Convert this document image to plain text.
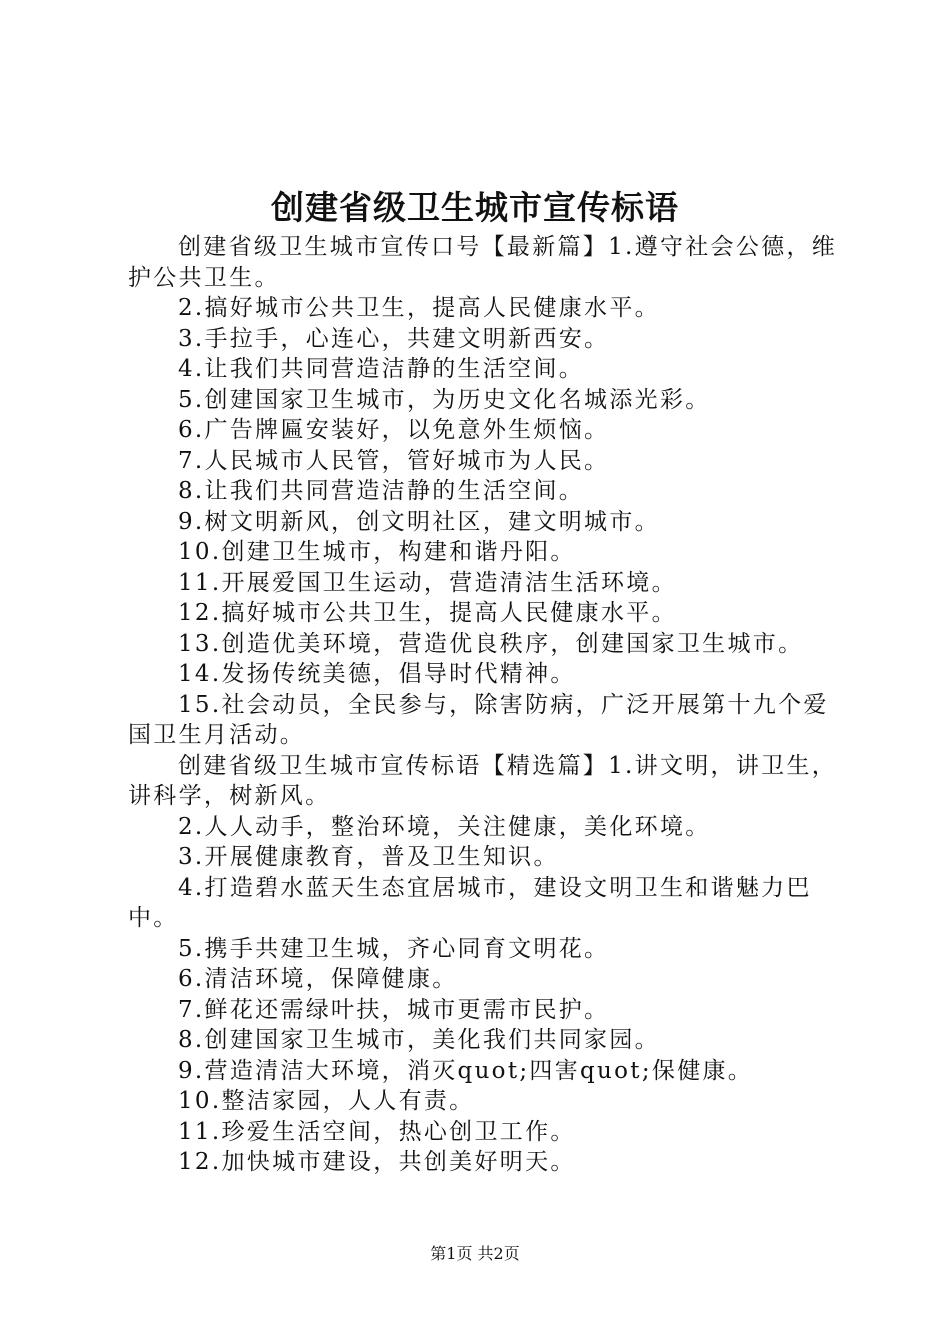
创建省级卫生城市宣传标语

创建省级卫生城市宣传口号【最新篇】1.遵守社会公德，维护公共卫生。

2.搞好城市公共卫生，提高人民健康水平。

3.手拉手，心连心，共建文明新西安。

4.让我们共同营造洁静的生活空间。

5.创建国家卫生城市，为历史文化名城添光彩。

6.广告牌匾安装好，以免意外生烦恼。

7.人民城市人民管，管好城市为人民。

8.让我们共同营造洁静的生活空间。

9.树文明新风，创文明社区，建文明城市。

10.创建卫生城市，构建和谐丹阳。

11.开展爱国卫生运动，营造清洁生活环境。

12.搞好城市公共卫生，提高人民健康水平。

13.创造优美环境，营造优良秩序，创建国家卫生城市。

14.发扬传统美德，倡导时代精神。

15.社会动员，全民参与，除害防病，广泛开展第十九个爱国卫生月活动。

创建省级卫生城市宣传标语【精选篇】1.讲文明，讲卫生，讲科学，树新风。

2.人人动手，整治环境，关注健康，美化环境。

3.开展健康教育，普及卫生知识。

4.打造碧水蓝天生态宜居城市，建设文明卫生和谐魅力巴中。

5.携手共建卫生城，齐心同育文明花。

6.清洁环境，保障健康。

7.鲜花还需绿叶扶，城市更需市民护。

8.创建国家卫生城市，美化我们共同家园。

9.营造清洁大环境，消灭quot;四害quot;保健康。

10.整洁家园，人人有责。

11.珍爱生活空间，热心创卫工作。

12.加快城市建设，共创美好明天。

第1页 共2页
